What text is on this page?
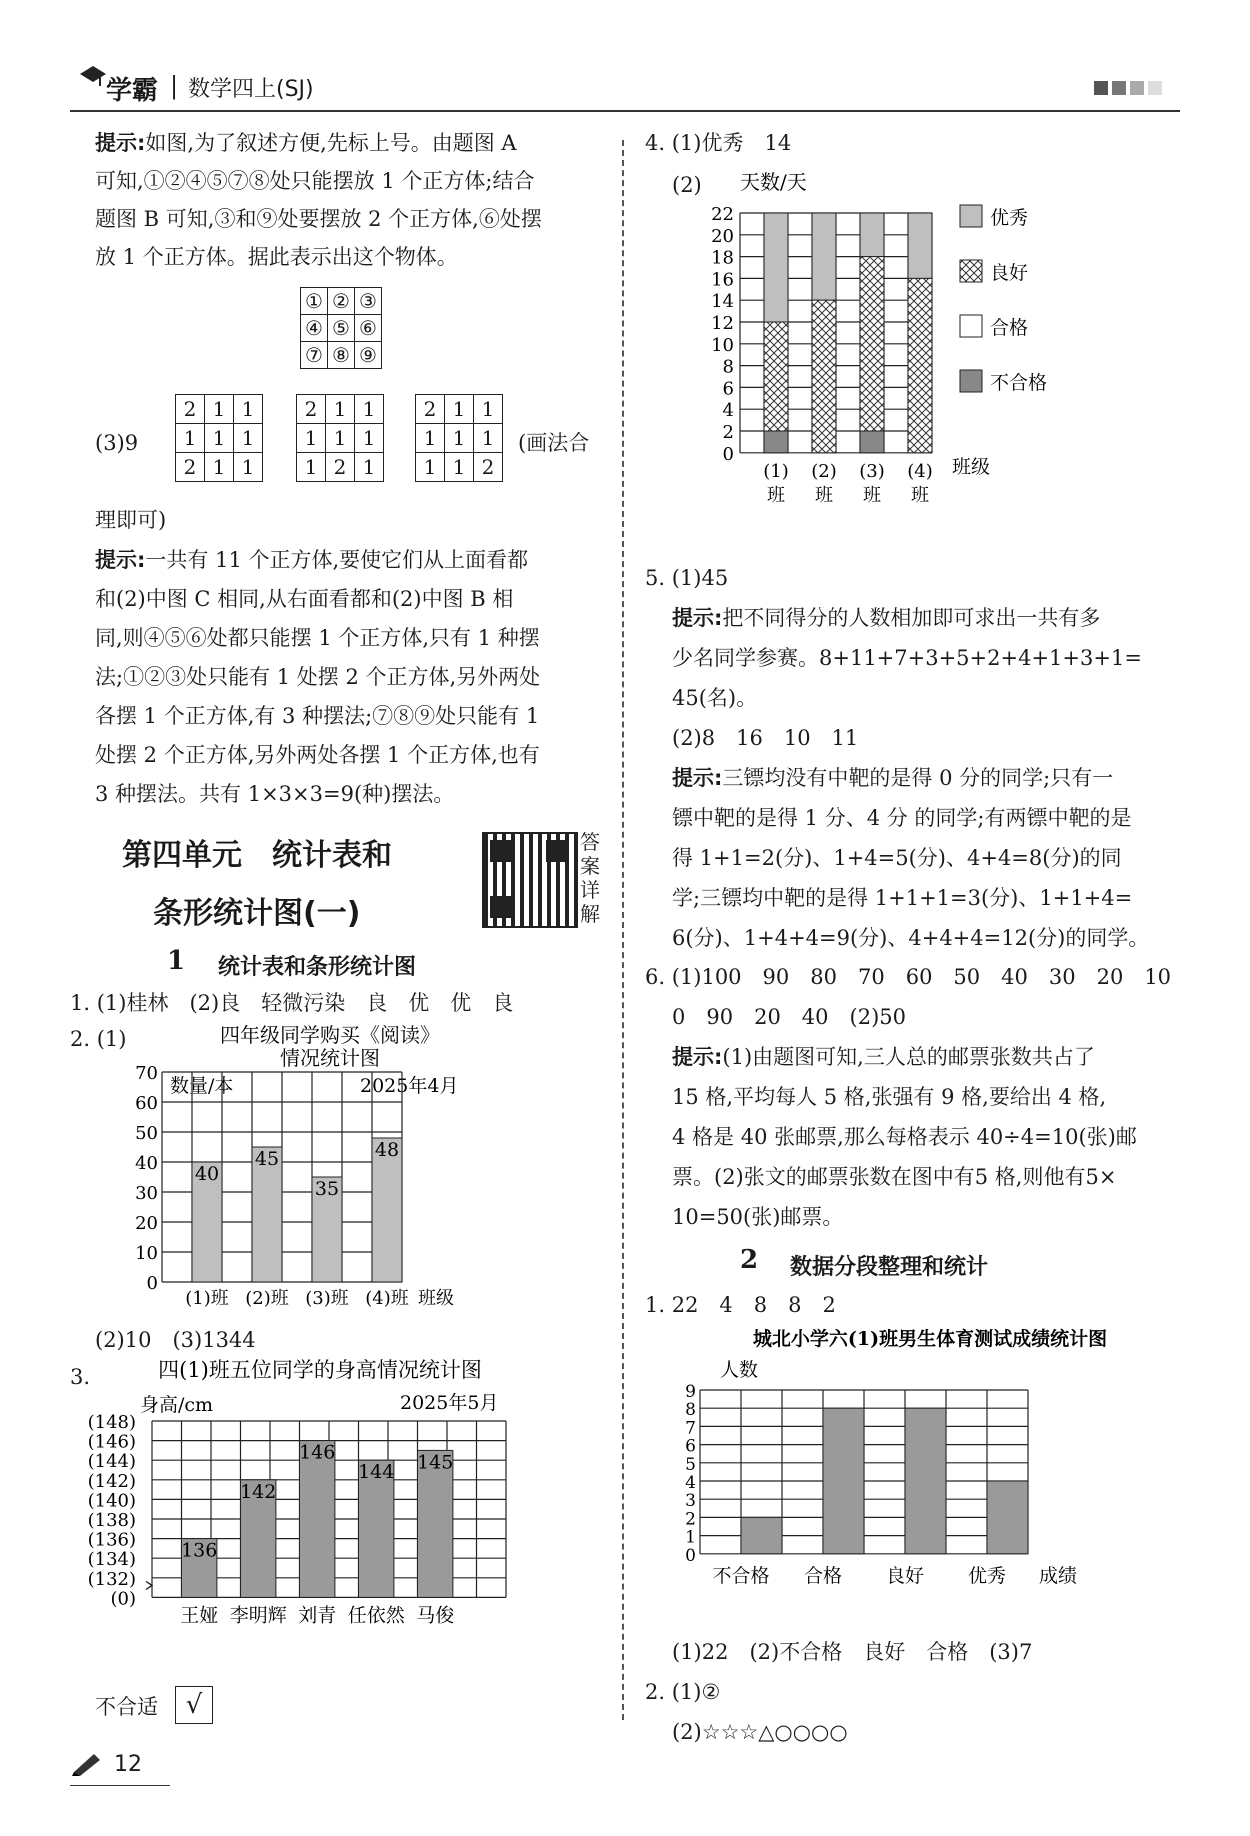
学霸 | 数学四上(SJ)
提示:如图,为了叙述方便,先标上号。由题图 A
可知,①②④⑤⑦⑧处只能摆放 1 个正方体;结合
题图 B 可知,③和⑨处要摆放 2 个正方体,⑥处摆
放 1 个正方体。据此表示出这个物体。
①	②	③
④	⑤	⑥
⑦	⑧	⑨
(3)9
2	1	1
1	1	1
2	1	1
2	1	1
1	1	1
1	2	1
2	1	1
1	1	1
1	1	2
(画法合
理即可)
提示:一共有 11 个正方体,要使它们从上面看都
和(2)中图 C 相同,从右面看都和(2)中图 B 相
同,则④⑤⑥处都只能摆 1 个正方体,只有 1 种摆
法;①②③处只能有 1 处摆 2 个正方体,另外两处
各摆 1 个正方体,有 3 种摆法;⑦⑧⑨处只能有 1
处摆 2 个正方体,另外两处各摆 1 个正方体,也有
3 种摆法。共有 1×3×3=9(种)摆法。
第四单元　统计表和
条形统计图(一)
答案详解
1 统计表和条形统计图
1. (1)桂林　(2)良　轻微污染　良　优　优　良
2. (1)	四年级同学购买《阅读》
情况统计图
数量/本	2025年4月
0
10
20
30
40
50
60
70
40
(1)班
45
(2)班
35
(3)班
48
(4)班 班级
(2)10　(3)1344
3.	四(1)班五位同学的身高情况统计图
身高/cm	2025年5月
(0)
(132)
(134)
(136)
(138)
(140)
(142)
(144)
(146)
(148)
136
王娅
142
李明辉
146
刘青
144
任依然
145
马俊
不合适	√
12
4. (1)优秀　14
(2) 天数/天
0
2
4
6
8
10
12
14
16
18
20
22
(1)
班
(2)
班
(3)
班
(4)
班
班级
优秀
良好
合格
不合格
5. (1)45
提示:把不同得分的人数相加即可求出一共有多
少名同学参赛。8+11+7+3+5+2+4+1+3+1=
45(名)。
(2)8　16　10　11
提示:三镖均没有中靶的是得 0 分的同学;只有一
镖中靶的是得 1 分、4 分 的同学;有两镖中靶的是
得 1+1=2(分)、1+4=5(分)、4+4=8(分)的同
学;三镖均中靶的是得 1+1+1=3(分)、1+1+4=
6(分)、1+4+4=9(分)、4+4+4=12(分)的同学。
6. (1)100　90　80　70　60　50　40　30　20　10
0　90　20　40　(2)50
提示:(1)由题图可知,三人总的邮票张数共占了
15 格,平均每人 5 格,张强有 9 格,要给出 4 格,
4 格是 40 张邮票,那么每格表示 40÷4=10(张)邮
票。(2)张文的邮票张数在图中有5 格,则他有5×
10=50(张)邮票。
2 数据分段整理和统计
1. 22　4　8　8　2
城北小学六(1)班男生体育测试成绩统计图
人数
0
1
2
3
4
5
6
7
8
9
不合格 合格 良好 优秀 成绩
(1)22　(2)不合格　良好　合格　(3)7
2. (1)②
(2)☆☆☆△○○○○
